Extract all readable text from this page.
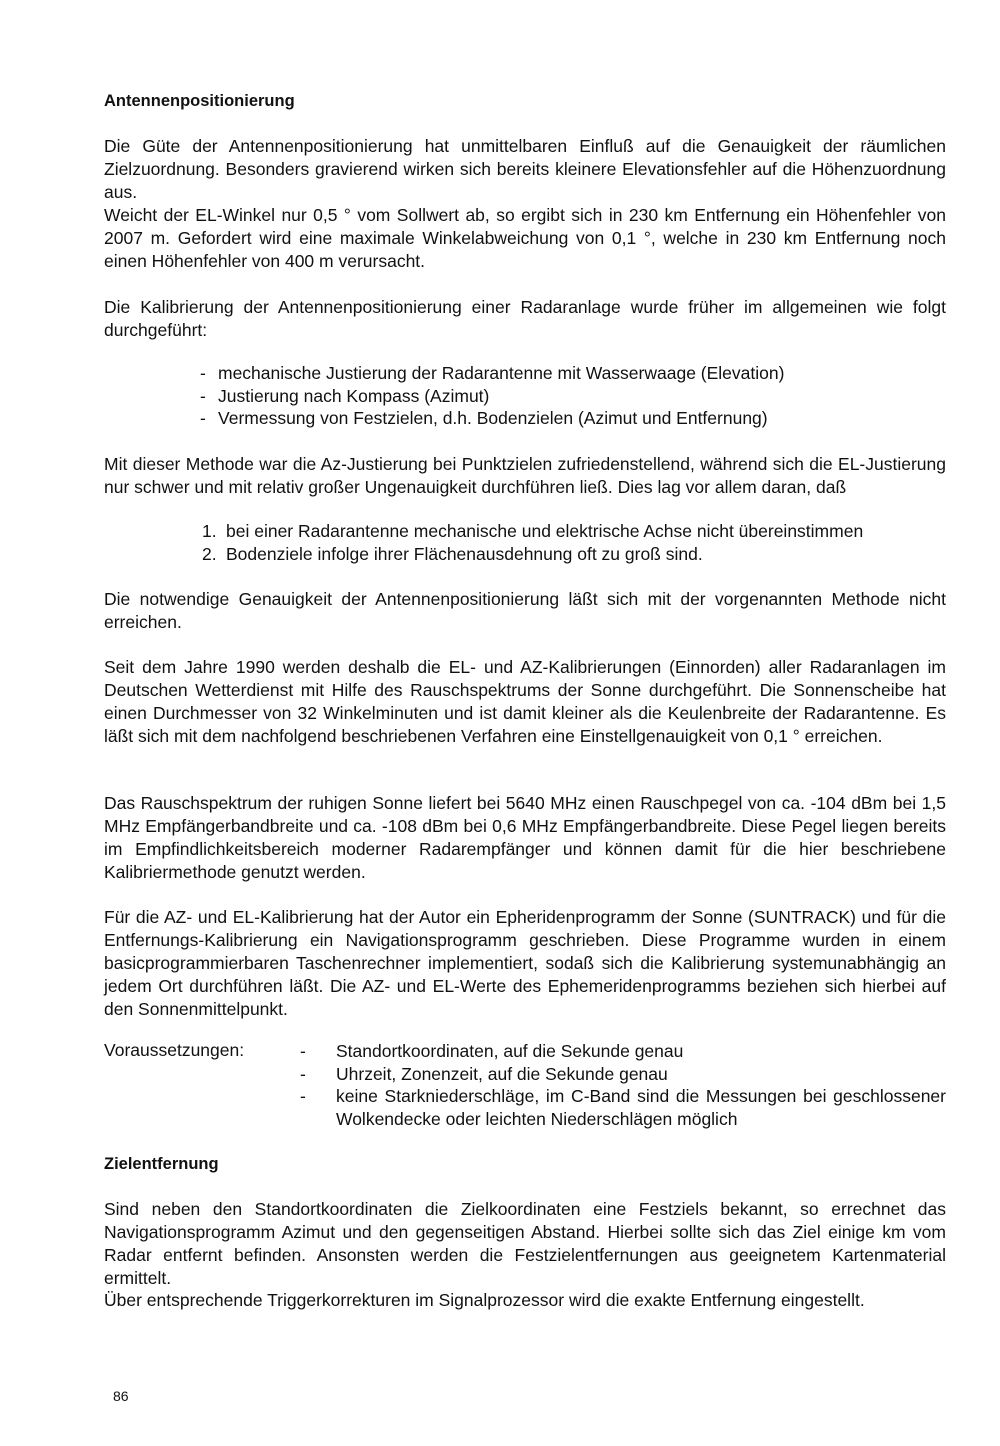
Antennenpositionierung

Die Güte der Antennenpositionierung hat unmittelbaren Einfluß auf die Genauigkeit der räumlichen Zielzuordnung. Besonders gravierend wirken sich bereits kleinere Elevationsfehler auf die Höhenzuordnung aus.

Weicht der EL-Winkel nur 0,5 ° vom Sollwert ab, so ergibt sich in 230 km Entfernung ein Höhenfehler von 2007 m. Gefordert wird eine maximale Winkelabweichung von 0,1 °, welche in 230 km Entfernung noch einen Höhenfehler von 400 m verursacht.

Die Kalibrierung der Antennenpositionierung einer Radaranlage wurde früher im allgemeinen wie folgt durchgeführt:

- mechanische Justierung der Radarantenne mit Wasserwaage (Elevation)
- Justierung nach Kompass (Azimut)
- Vermessung von Festzielen, d.h. Bodenzielen (Azimut und Entfernung)

Mit dieser Methode war die Az-Justierung bei Punktzielen zufriedenstellend, während sich die EL-Justierung nur schwer und mit relativ großer Ungenauigkeit durchführen ließ. Dies lag vor allem daran, daß

1. bei einer Radarantenne mechanische und elektrische Achse nicht übereinstimmen
2. Bodenziele infolge ihrer Flächenausdehnung oft zu groß sind.

Die notwendige Genauigkeit der Antennenpositionierung läßt sich mit der vorgenannten Methode nicht erreichen.

Seit dem Jahre 1990 werden deshalb die EL- und AZ-Kalibrierungen (Einnorden) aller Radaranlagen im Deutschen Wetterdienst mit Hilfe des Rauschspektrums der Sonne durchgeführt. Die Sonnenscheibe hat einen Durchmesser von 32 Winkelminuten und ist damit kleiner als die Keulenbreite der Radarantenne. Es läßt sich mit dem nachfolgend beschriebenen Verfahren eine Einstellgenauigkeit von 0,1 ° erreichen.

Das Rauschspektrum der ruhigen Sonne liefert bei 5640 MHz einen Rauschpegel von ca. -104 dBm bei 1,5 MHz Empfängerbandbreite und ca. -108 dBm bei 0,6 MHz Empfängerbandbreite. Diese Pegel liegen bereits im Empfindlichkeitsbereich moderner Radarempfänger und können damit für die hier beschriebene Kalibriermethode genutzt werden.

Für die AZ- und EL-Kalibrierung hat der Autor ein Epheridenprogramm der Sonne (SUNTRACK) und für die Entfernungs-Kalibrierung ein Navigationsprogramm geschrieben. Diese Programme wurden in einem basicprogrammierbaren Taschenrechner implementiert, sodaß sich die Kalibrierung systemunabhängig an jedem Ort durchführen läßt. Die AZ- und EL-Werte des Ephemeridenprogramms beziehen sich hierbei auf den Sonnenmittelpunkt.

Voraussetzungen:
-	Standortkoordinaten, auf die Sekunde genau
- Uhrzeit, Zonenzeit, auf die Sekunde genau
- keine Starkniederschläge, im C-Band sind die Messungen bei geschlossener Wolkendecke oder leichten Niederschlägen möglich
Zielentfernung

Sind neben den Standortkoordinaten die Zielkoordinaten eine Festziels bekannt, so errechnet das Navigationsprogramm Azimut und den gegenseitigen Abstand. Hierbei sollte sich das Ziel einige km vom Radar entfernt befinden. Ansonsten werden die Festzielentfernungen aus geeignetem Kartenmaterial ermittelt.

Über entsprechende Triggerkorrekturen im Signalprozessor wird die exakte Entfernung eingestellt.

86
